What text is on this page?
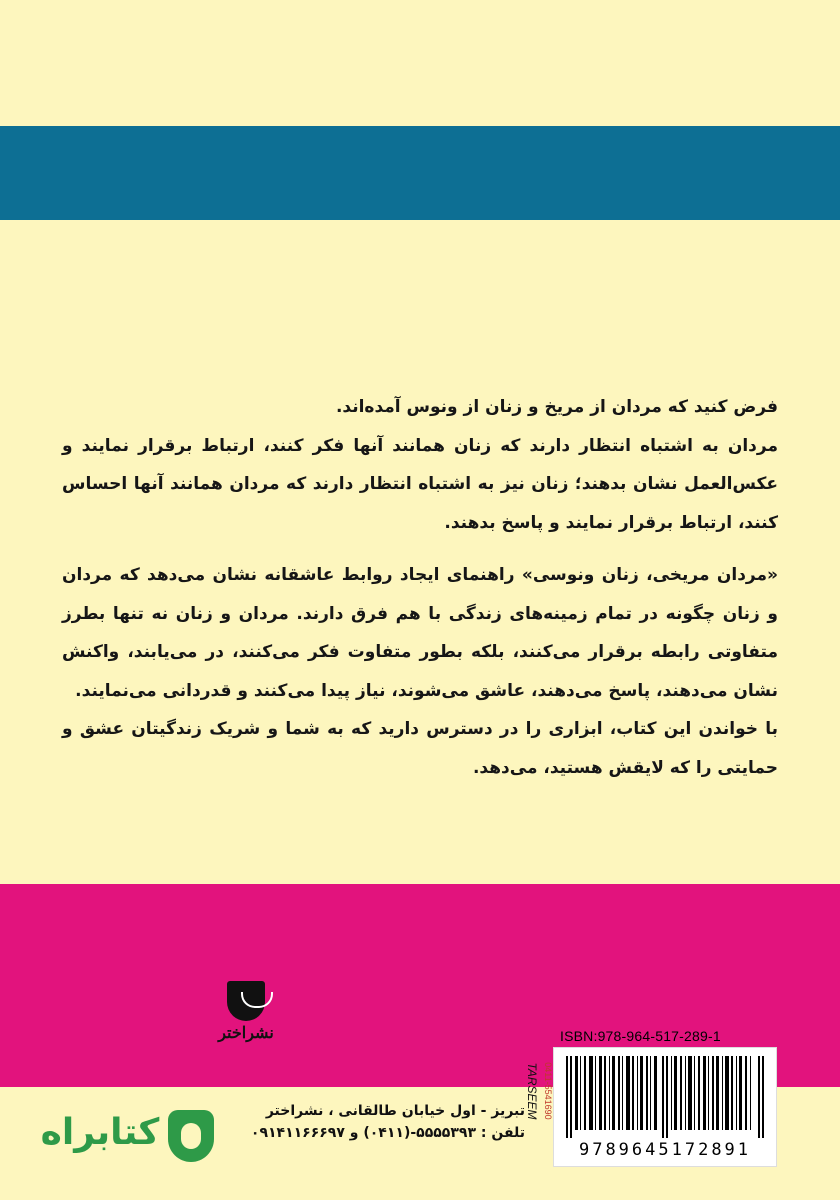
فرض کنید که مردان از مریخ و زنان از ونوس آمده‌اند.

مردان به اشتباه انتظار دارند که زنان همانند آنها فکر کنند، ارتباط برقرار نمایند و عکس‌العمل نشان بدهند؛ زنان نیز به اشتباه انتظار دارند که مردان همانند آنها احساس کنند، ارتباط برقرار نمایند و پاسخ بدهند.

«مردان مریخی، زنان ونوسی» راهنمای ایجاد روابط عاشقانه نشان می‌دهد که مردان و زنان چگونه در تمام زمینه‌های زندگی با هم فرق دارند. مردان و زنان نه تنها بطرز متفاوتی رابطه برقرار می‌کنند، بلکه بطور متفاوت فکر می‌کنند، در می‌یابند، واکنش نشان می‌دهند، پاسخ می‌دهند، عاشق می‌شوند، نیاز پیدا می‌کنند و قدردانی می‌نمایند.

با خواندن این کتاب، ابزاری را در دسترس دارید که به شما و شریک زندگیتان عشق و حمایتی را که لایقش هستید، می‌دهد.

نشراختر	ISBN:978-964-517-289-1
9789645172891
TARSEEM 0411-5541690

تبریز - اول خیابان طالقانی ، نشراختر

تلفن : ۵۵۵۵۳۹۳-(۰۴۱۱) و ۰۹۱۴۱۱۶۶۶۹۷

کتابراه
